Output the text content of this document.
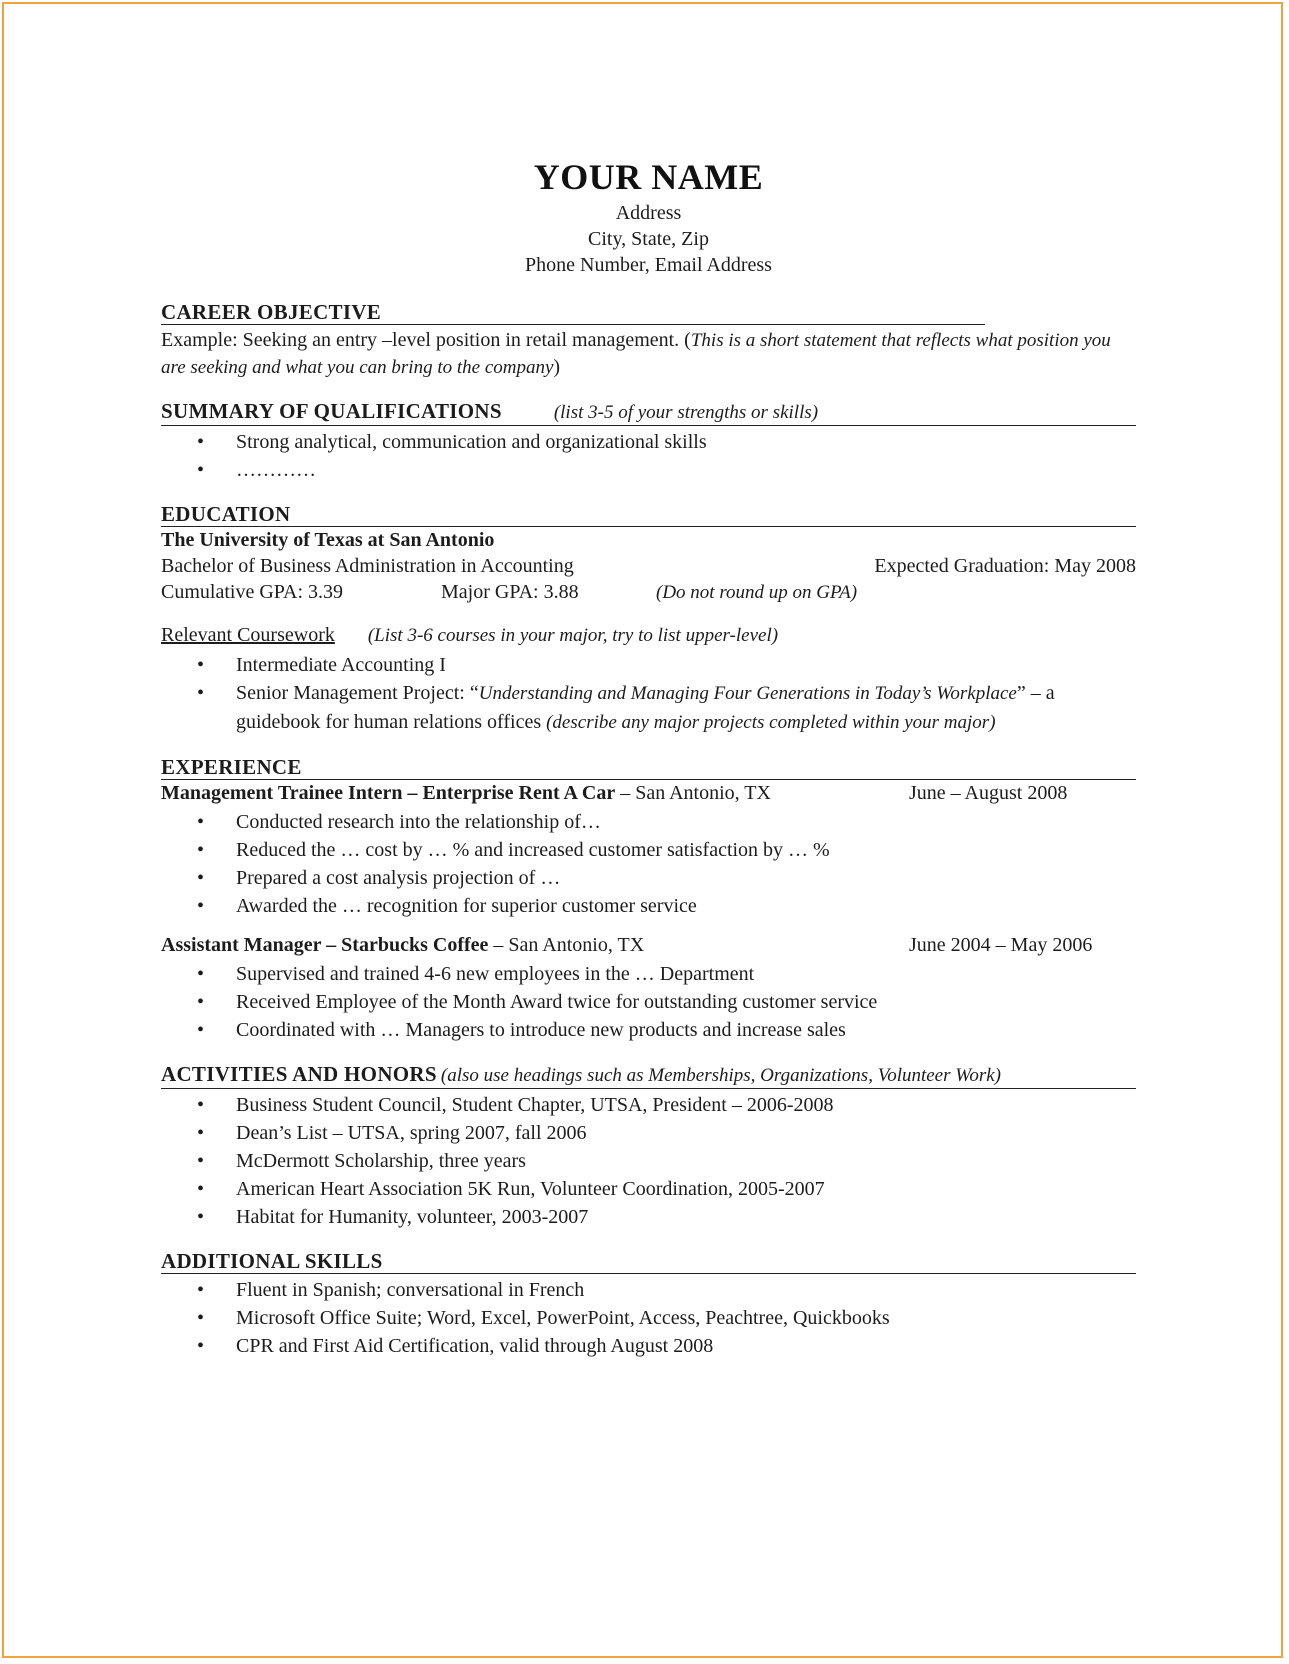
YOUR NAME
Address
City, State, Zip
Phone Number, Email Address
CAREER OBJECTIVE

Example: Seeking an entry –level position in retail management. (This is a short statement that reflects what position you are seeking and what you can bring to the company)

SUMMARY OF QUALIFICATIONS	(list 3-5 of your strengths or skills)
• Strong analytical, communication and organizational skills
• …………
EDUCATION
The University of Texas at San Antonio
Bachelor of Business Administration in Accounting	Expected Graduation: May 2008
Cumulative GPA: 3.39	Major GPA: 3.88	(Do not round up on GPA)
Relevant Coursework (List 3-6 courses in your major, try to list upper-level)
• Intermediate Accounting I
• Senior Management Project: “Understanding and Managing Four Generations in Today’s Workplace” – a guidebook for human relations offices (describe any major projects completed within your major)
EXPERIENCE
Management Trainee Intern – Enterprise Rent A Car – San Antonio, TX	June – August 2008
• Conducted research into the relationship of…
• Reduced the … cost by … % and increased customer satisfaction by … %
• Prepared a cost analysis projection of …
• Awarded the … recognition for superior customer service
Assistant Manager – Starbucks Coffee – San Antonio, TX	June 2004 – May 2006
• Supervised and trained 4-6 new employees in the … Department
• Received Employee of the Month Award twice for outstanding customer service
• Coordinated with … Managers to introduce new products and increase sales
ACTIVITIES AND HONORS (also use headings such as Memberships, Organizations, Volunteer Work)
• Business Student Council, Student Chapter, UTSA, President – 2006-2008
• Dean’s List – UTSA, spring 2007, fall 2006
• McDermott Scholarship, three years
• American Heart Association 5K Run, Volunteer Coordination, 2005-2007
• Habitat for Humanity, volunteer, 2003-2007
ADDITIONAL SKILLS
• Fluent in Spanish; conversational in French
• Microsoft Office Suite; Word, Excel, PowerPoint, Access, Peachtree, Quickbooks
• CPR and First Aid Certification, valid through August 2008
